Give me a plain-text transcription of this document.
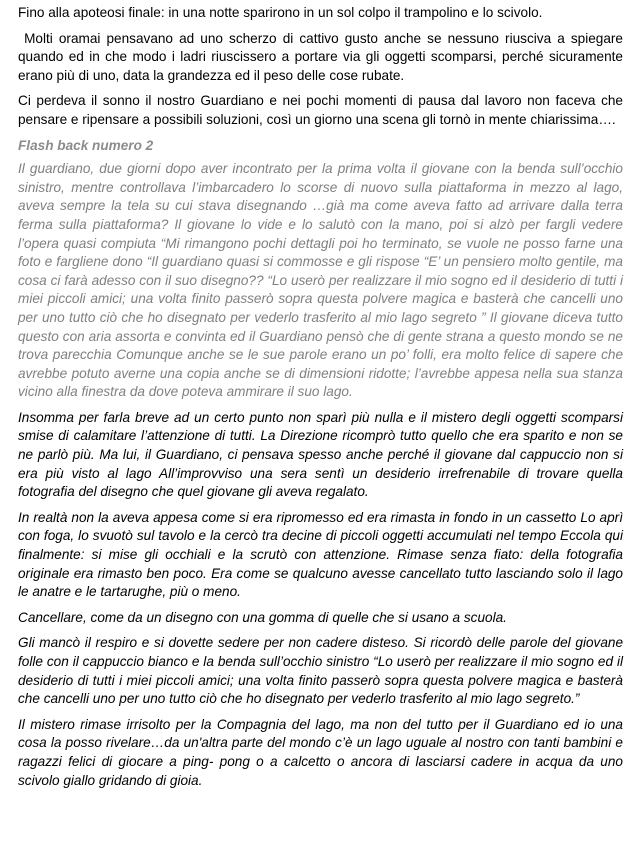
Fino alla apoteosi finale: in una notte sparirono in un sol colpo il trampolino e lo scivolo.

Molti oramai pensavano ad uno scherzo di cattivo gusto anche se nessuno riusciva a spiegare quando ed in che modo i ladri riuscissero a portare via gli oggetti scomparsi, perché sicuramente erano più di uno, data la grandezza ed il peso delle cose rubate.

Ci perdeva il sonno il nostro Guardiano e nei pochi momenti di pausa dal lavoro non faceva che pensare e ripensare a possibili soluzioni, così un giorno una scena gli tornò in mente chiarissima….

Flash back numero 2

Il guardiano, due giorni dopo aver incontrato per la prima volta il giovane con la benda sull’occhio sinistro, mentre controllava l’imbarcadero lo scorse di nuovo sulla piattaforma in mezzo al lago, aveva sempre la tela su cui stava disegnando …già ma come aveva fatto ad arrivare dalla terra ferma sulla piattaforma? Il giovane lo vide e lo salutò con la mano, poi si alzò per fargli vedere l’opera quasi compiuta “Mi rimangono pochi dettagli poi ho terminato, se vuole ne posso farne una foto e fargliene dono “Il guardiano quasi si commosse e gli rispose “E’ un pensiero molto gentile, ma cosa ci farà adesso con il suo disegno?? “Lo userò per realizzare il mio sogno ed il desiderio di tutti i miei piccoli amici; una volta finito passerò sopra questa polvere magica e basterà che cancelli uno per uno tutto ciò che ho disegnato per vederlo trasferito al mio lago segreto ” Il giovane diceva tutto questo con aria assorta e convinta ed il Guardiano pensò che di gente strana a questo mondo se ne trova parecchia Comunque anche se le sue parole erano un po’ folli, era molto felice di sapere che avrebbe potuto averne una copia anche se di dimensioni ridotte; l’avrebbe appesa nella sua stanza vicino alla finestra da dove poteva ammirare il suo lago.

Insomma per farla breve ad un certo punto non sparì più nulla e il mistero degli oggetti scomparsi smise di calamitare l’attenzione di tutti. La Direzione ricomprò tutto quello che era sparito e non se ne parlò più. Ma lui, il Guardiano, ci pensava spesso anche perché il giovane dal cappuccio non si era più visto al lago All’improvviso una sera sentì un desiderio irrefrenabile di trovare quella fotografia del disegno che quel giovane gli aveva regalato.

In realtà non la aveva appesa come si era ripromesso ed era rimasta in fondo in un cassetto Lo aprì con foga, lo svuotò sul tavolo e la cercò tra decine di piccoli oggetti accumulati nel tempo Eccola qui finalmente: si mise gli occhiali e la scrutò con attenzione. Rimase senza fiato: della fotografia originale era rimasto ben poco. Era come se qualcuno avesse cancellato tutto lasciando solo il lago le anatre e le tartarughe, più o meno.

Cancellare, come da un disegno con una gomma di quelle che si usano a scuola.

Gli mancò il respiro e si dovette sedere per non cadere disteso. Si ricordò delle parole del giovane folle con il cappuccio bianco e la benda sull’occhio sinistro “Lo userò per realizzare il mio sogno ed il desiderio di tutti i miei piccoli amici; una volta finito passerò sopra questa polvere magica e basterà che cancelli uno per uno tutto ciò che ho disegnato per vederlo trasferito al mio lago segreto.”

Il mistero rimase irrisolto per la Compagnia del lago, ma non del tutto per il Guardiano ed io una cosa la posso rivelare…da un'altra parte del mondo c’è un lago uguale al nostro con tanti bambini e ragazzi felici di giocare a ping- pong o a calcetto o ancora di lasciarsi cadere in acqua da uno scivolo giallo gridando di gioia.
